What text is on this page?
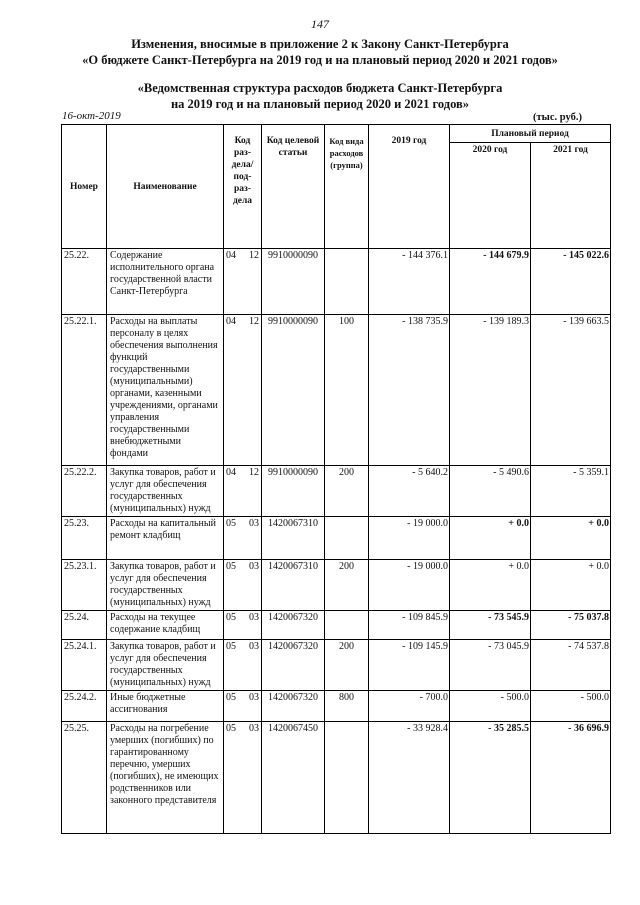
147
Изменения, вносимые в приложение 2 к Закону Санкт-Петербурга
«О бюджете Санкт-Петербурга на 2019 год и на плановый период 2020 и 2021 годов»
«Ведомственная структура расходов бюджета Санкт-Петербурга
на 2019 год и на плановый период 2020 и 2021 годов»
16-окт-2019	(тыс. руб.)
Номер	Наименование	Код раз-дела/ под-раз-дела	Код целевой статьи	Код вида расходов (группа)	2019 год	Плановый период	
						2020 год	2021 год
25.22.	Содержание исполнительного органа государственной власти Санкт-Петербурга	04 12	9910000090		- 144 376.1	- 144 679.9	- 145 022.6
25.22.1.	Расходы на выплаты персоналу в целях обеспечения выполнения функций государственными (муниципальными) органами, казенными учреждениями, органами управления государственными внебюджетными фондами	04 12	9910000090	100	- 138 735.9	- 139 189.3	- 139 663.5
25.22.2.	Закупка товаров, работ и услуг для обеспечения государственных (муниципальных) нужд	04 12	9910000090	200	- 5 640.2	- 5 490.6	- 5 359.1
25.23.	Расходы на капитальный ремонт кладбищ	05 03	1420067310		- 19 000.0	+ 0.0	+ 0.0
25.23.1.	Закупка товаров, работ и услуг для обеспечения государственных (муниципальных) нужд	05 03	1420067310	200	- 19 000.0	+ 0.0	+ 0.0
25.24.	Расходы на текущее содержание кладбищ	05 03	1420067320		- 109 845.9	- 73 545.9	- 75 037.8
25.24.1.	Закупка товаров, работ и услуг для обеспечения государственных (муниципальных) нужд	05 03	1420067320	200	- 109 145.9	- 73 045.9	- 74 537.8
25.24.2.	Иные бюджетные ассигнования	05 03	1420067320	800	- 700.0	- 500.0	- 500.0
25.25.	Расходы на погребение умерших (погибших) по гарантированному перечню, умерших (погибших), не имеющих родственников или законного представителя	05 03	1420067450		- 33 928.4	- 35 285.5	- 36 696.9
